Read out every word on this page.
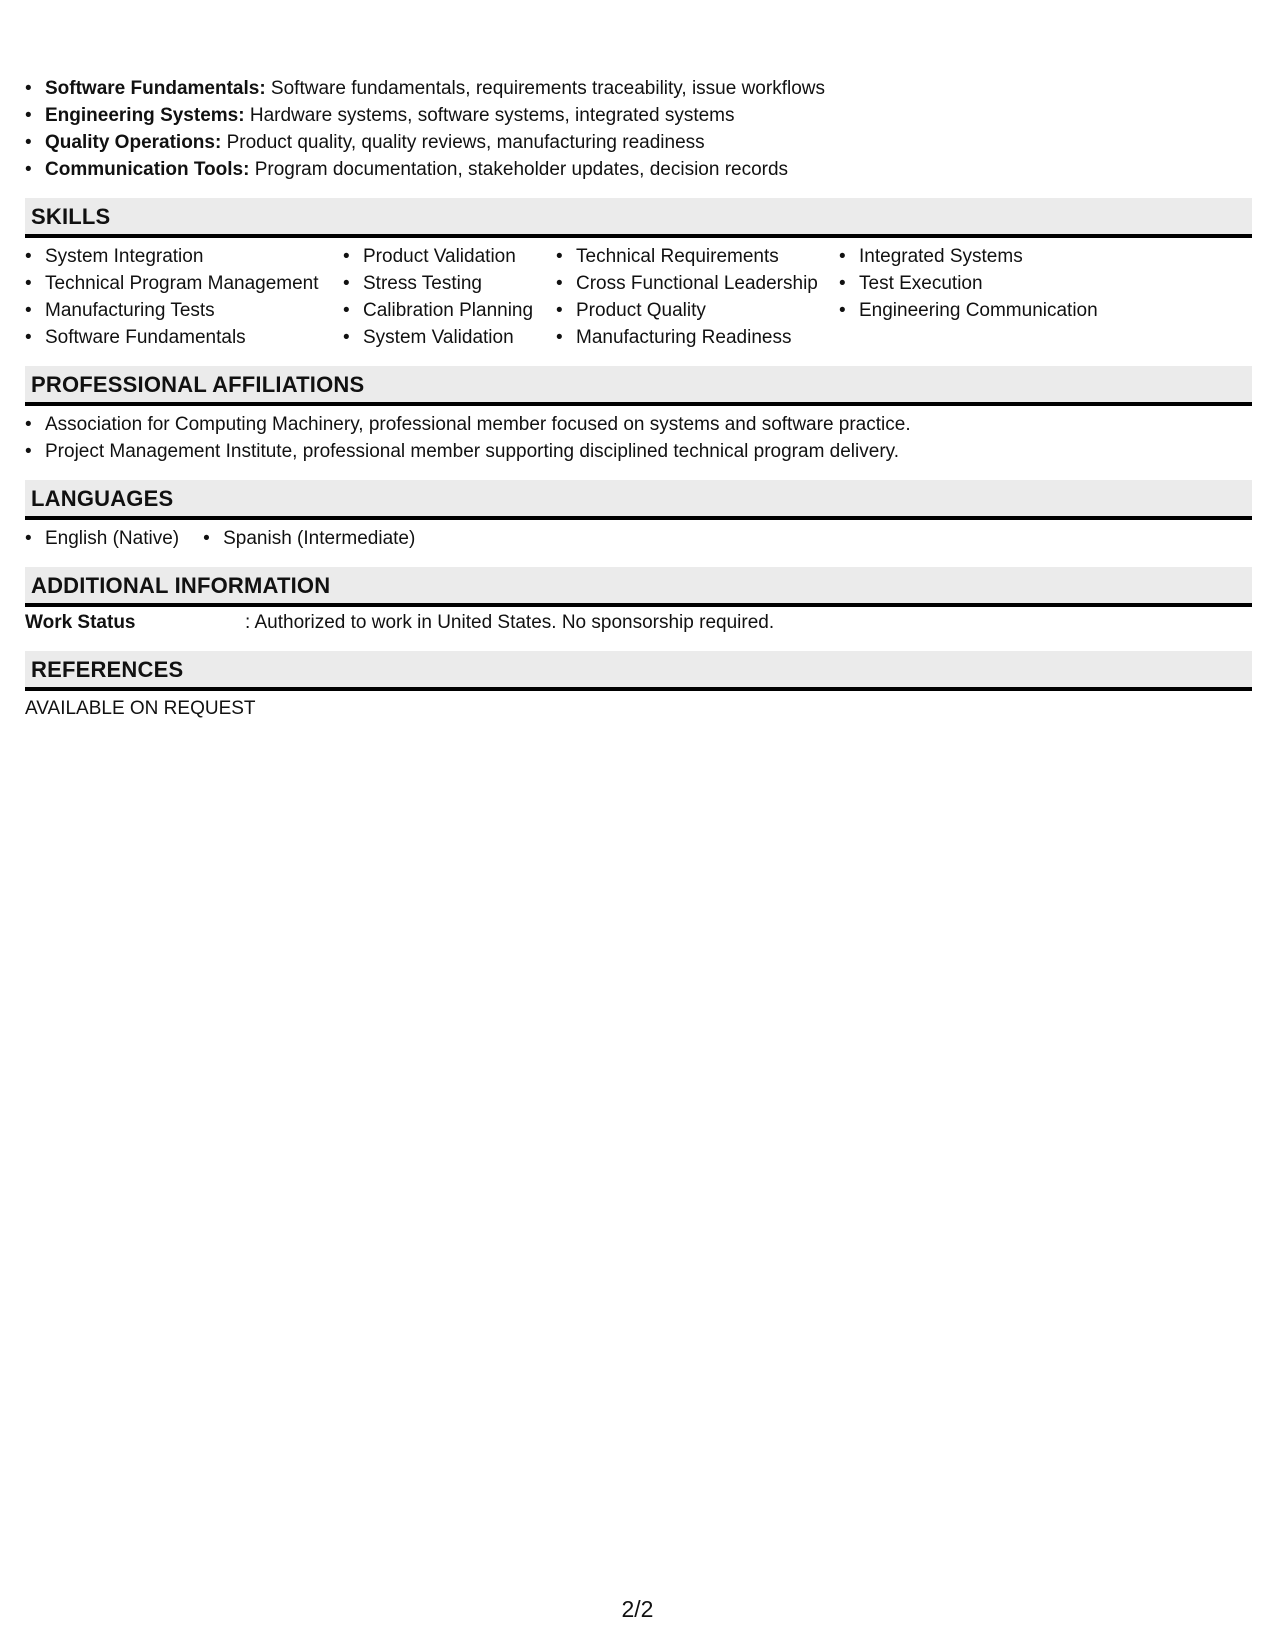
• Software Fundamentals: Software fundamentals, requirements traceability, issue workflows
• Engineering Systems: Hardware systems, software systems, integrated systems
• Quality Operations: Product quality, quality reviews, manufacturing readiness
• Communication Tools: Program documentation, stakeholder updates, decision records
SKILLS
• System Integration
• Technical Program Management
• Manufacturing Tests
• Software Fundamentals
• Product Validation
• Stress Testing
• Calibration Planning
• System Validation
• Technical Requirements
• Cross Functional Leadership
• Product Quality
• Manufacturing Readiness
• Integrated Systems
• Test Execution
• Engineering Communication
PROFESSIONAL AFFILIATIONS
• Association for Computing Machinery, professional member focused on systems and software practice.
• Project Management Institute, professional member supporting disciplined technical program delivery.
LANGUAGES
• English (Native)
•	Spanish (Intermediate)
ADDITIONAL INFORMATION
Work Status	: Authorized to work in United States. No sponsorship required.
REFERENCES
AVAILABLE ON REQUEST
2/2
